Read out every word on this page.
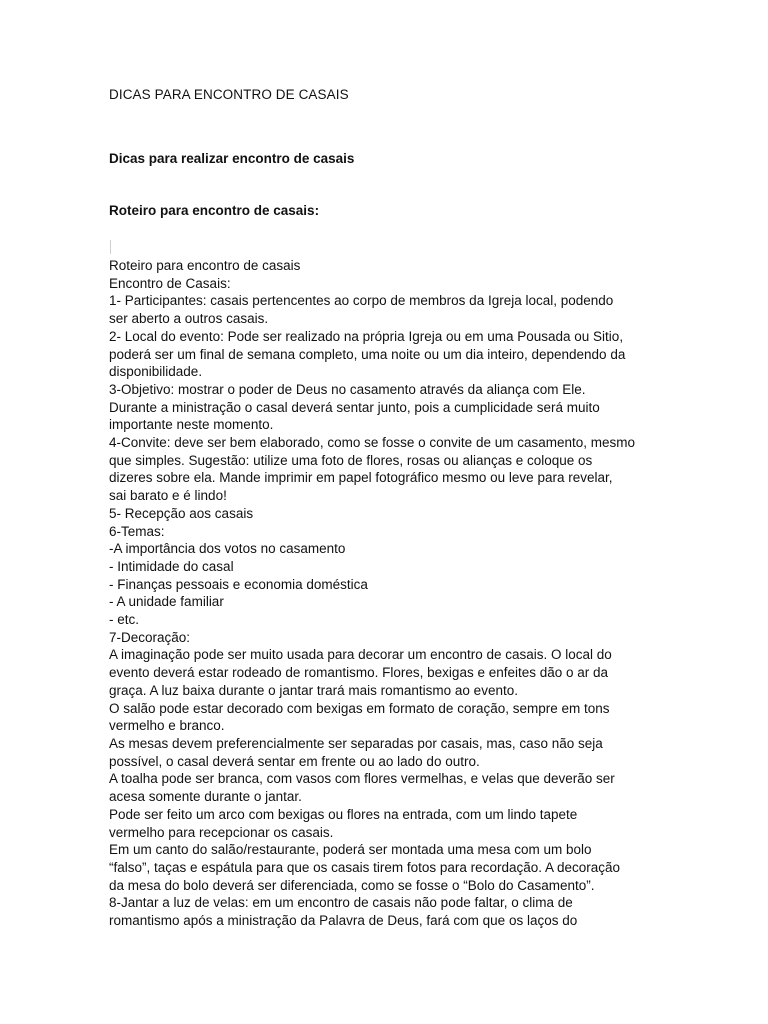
DICAS PARA ENCONTRO DE CASAIS
Dicas para realizar encontro de casais
Roteiro para encontro de casais:
Roteiro para encontro de casais
Encontro de Casais:
1- Participantes: casais pertencentes ao corpo de membros da Igreja local, podendo
ser aberto a outros casais.
2- Local do evento: Pode ser realizado na própria Igreja ou em uma Pousada ou Sitio,
poderá ser um final de semana completo, uma noite ou um dia inteiro, dependendo da
disponibilidade.
3-Objetivo: mostrar o poder de Deus no casamento através da aliança com Ele.
Durante a ministração o casal deverá sentar junto, pois a cumplicidade será muito
importante neste momento.
4-Convite: deve ser bem elaborado, como se fosse o convite de um casamento, mesmo
que simples. Sugestão: utilize uma foto de flores, rosas ou alianças e coloque os
dizeres sobre ela. Mande imprimir em papel fotográfico mesmo ou leve para revelar,
sai barato e é lindo!
5- Recepção aos casais
6-Temas:
-A importância dos votos no casamento
- Intimidade do casal
- Finanças pessoais e economia doméstica
- A unidade familiar
- etc.
7-Decoração:
A imaginação pode ser muito usada para decorar um encontro de casais. O local do
evento deverá estar rodeado de romantismo. Flores, bexigas e enfeites dão o ar da
graça. A luz baixa durante o jantar trará mais romantismo ao evento.
O salão pode estar decorado com bexigas em formato de coração, sempre em tons
vermelho e branco.
As mesas devem preferencialmente ser separadas por casais, mas, caso não seja
possível, o casal deverá sentar em frente ou ao lado do outro.
A toalha pode ser branca, com vasos com flores vermelhas, e velas que deverão ser
acesa somente durante o jantar.
Pode ser feito um arco com bexigas ou flores na entrada, com um lindo tapete
vermelho para recepcionar os casais.
Em um canto do salão/restaurante, poderá ser montada uma mesa com um bolo
“falso”, taças e espátula para que os casais tirem fotos para recordação. A decoração
da mesa do bolo deverá ser diferenciada, como se fosse o “Bolo do Casamento”.
8-Jantar a luz de velas: em um encontro de casais não pode faltar, o clima de
romantismo após a ministração da Palavra de Deus, fará com que os laços do
